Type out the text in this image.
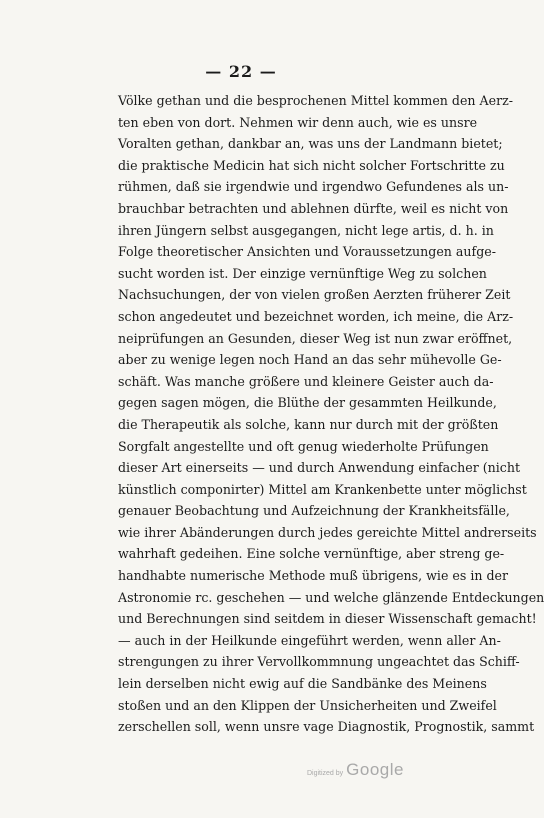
— 22 —
Völke gethan und die besprochenen Mittel kommen den Aerz-
ten eben von dort. Nehmen wir denn auch, wie es unsre
Voralten gethan, dankbar an, was uns der Landmann bietet;
die praktische Medicin hat sich nicht solcher Fortschritte zu
rühmen, daß sie irgendwie und irgendwo Gefundenes als un-
brauchbar betrachten und ablehnen dürfte, weil es nicht von
ihren Jüngern selbst ausgegangen, nicht lege artis, d. h. in
Folge theoretischer Ansichten und Voraussetzungen aufge-
sucht worden ist. Der einzige vernünftige Weg zu solchen
Nachsuchungen, der von vielen großen Aerzten früherer Zeit
schon angedeutet und bezeichnet worden, ich meine, die Arz-
neiprüfungen an Gesunden, dieser Weg ist nun zwar eröffnet,
aber zu wenige legen noch Hand an das sehr mühevolle Ge-
schäft. Was manche größere und kleinere Geister auch da-
gegen sagen mögen, die Blüthe der gesammten Heilkunde,
die Therapeutik als solche, kann nur durch mit der größten
Sorgfalt angestellte und oft genug wiederholte Prüfungen
dieser Art einerseits — und durch Anwendung einfacher (nicht
künstlich componirter) Mittel am Krankenbette unter möglichst
genauer Beobachtung und Aufzeichnung der Krankheitsfälle,
wie ihrer Abänderungen durch jedes gereichte Mittel andrerseits
wahrhaft gedeihen. Eine solche vernünftige, aber streng ge-
handhabte numerische Methode muß übrigens, wie es in der
Astronomie rc. geschehen — und welche glänzende Entdeckungen
und Berechnungen sind seitdem in dieser Wissenschaft gemacht!
— auch in der Heilkunde eingeführt werden, wenn aller An-
strengungen zu ihrer Vervollkommnung ungeachtet das Schiff-
lein derselben nicht ewig auf die Sandbänke des Meinens
stoßen und an den Klippen der Unsicherheiten und Zweifel
zerschellen soll, wenn unsre vage Diagnostik, Prognostik, sammt
Digitized by Google
